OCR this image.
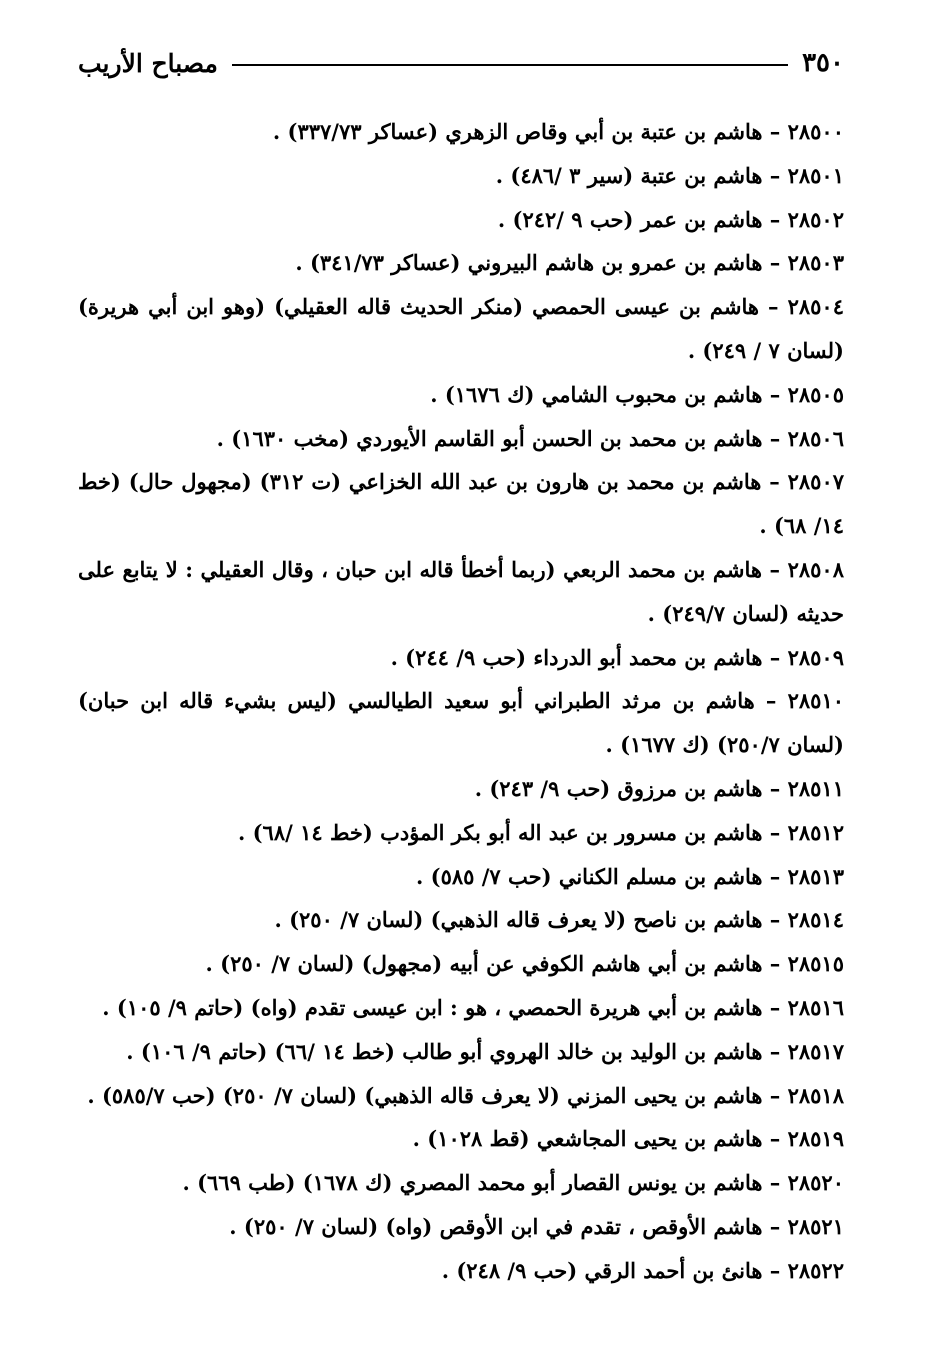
٣٥٠
مصباح الأريب
٢٨٥٠٠ – هاشم بن عتبة بن أبي وقاص الزهري (عساكر ٣٣٧/٧٣) .
٢٨٥٠١ – هاشم بن عتبة (سير ٣ /٤٨٦) .
٢٨٥٠٢ – هاشم بن عمر (حب ٩ /٢٤٢) .
٢٨٥٠٣ – هاشم بن عمرو بن هاشم البيروني (عساكر ٣٤١/٧٣) .
٢٨٥٠٤ – هاشم بن عيسى الحمصي (منكر الحديث قاله العقيلي) (وهو ابن أبي هريرة) (لسان ٧ / ٢٤٩) .
٢٨٥٠٥ – هاشم بن محبوب الشامي (ك ١٦٧٦) .
٢٨٥٠٦ – هاشم بن محمد بن الحسن أبو القاسم الأيوردي (مخب ١٦٣٠) .
٢٨٥٠٧ – هاشم بن محمد بن هارون بن عبد الله الخزاعي (ت ٣١٢) (مجهول حال) (خط ١٤/ ٦٨) .
٢٨٥٠٨ – هاشم بن محمد الربعي (ربما أخطأ قاله ابن حبان ، وقال العقيلي : لا يتابع على حديثه (لسان ٢٤٩/٧) .
٢٨٥٠٩ – هاشم بن محمد أبو الدرداء (حب ٩/ ٢٤٤) .
٢٨٥١٠ – هاشم بن مرثد الطبراني أبو سعيد الطيالسي (ليس بشيء قاله ابن حبان) (لسان ٢٥٠/٧) (ك ١٦٧٧) .
٢٨٥١١ – هاشم بن مرزوق (حب ٩/ ٢٤٣) .
٢٨٥١٢ – هاشم بن مسرور بن عبد اله أبو بكر المؤدب (خط ١٤ /٦٨) .
٢٨٥١٣ – هاشم بن مسلم الكناني (حب ٧/ ٥٨٥) .
٢٨٥١٤ – هاشم بن ناصح (لا يعرف قاله الذهبي) (لسان ٧/ ٢٥٠) .
٢٨٥١٥ – هاشم بن أبي هاشم الكوفي عن أبيه (مجهول) (لسان ٧/ ٢٥٠) .
٢٨٥١٦ – هاشم بن أبي هريرة الحمصي ، هو : ابن عيسى تقدم (واه) (حاتم ٩/ ١٠٥) .
٢٨٥١٧ – هاشم بن الوليد بن خالد الهروي أبو طالب (خط ١٤ /٦٦) (حاتم ٩/ ١٠٦) .
٢٨٥١٨ – هاشم بن يحيى المزني (لا يعرف قاله الذهبي) (لسان ٧/ ٢٥٠) (حب ٥٨٥/٧) .
٢٨٥١٩ – هاشم بن يحيى المجاشعي (قط ١٠٢٨) .
٢٨٥٢٠ – هاشم بن يونس القصار أبو محمد المصري (ك ١٦٧٨) (طب ٦٦٩) .
٢٨٥٢١ – هاشم الأوقص ، تقدم في ابن الأوقص (واه) (لسان ٧/ ٢٥٠) .
٢٨٥٢٢ – هانئ بن أحمد الرقي (حب ٩/ ٢٤٨) .
